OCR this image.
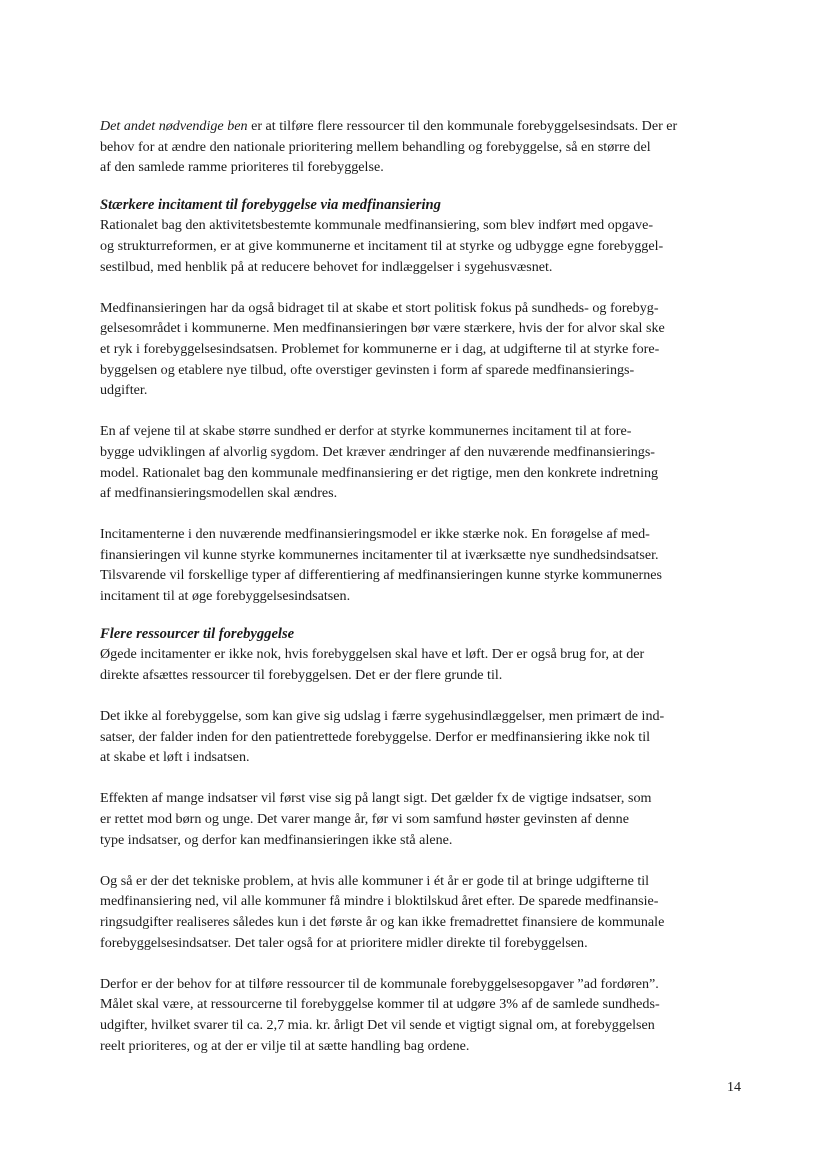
Det andet nødvendige ben er at tilføre flere ressourcer til den kommunale forebyggelsesindsats. Der er
behov for at ændre den nationale prioritering mellem behandling og forebyggelse, så en større del
af den samlede ramme prioriteres til forebyggelse.

Stærkere incitament til forebyggelse via medfinansiering

Rationalet bag den aktivitetsbestemte kommunale medfinansiering, som blev indført med opgave-
og strukturreformen, er at give kommunerne et incitament til at styrke og udbygge egne forebyggel-
sestilbud, med henblik på at reducere behovet for indlæggelser i sygehusvæsnet.

Medfinansieringen har da også bidraget til at skabe et stort politisk fokus på sundheds- og forebyg-
gelsesområdet i kommunerne. Men medfinansieringen bør være stærkere, hvis der for alvor skal ske
et ryk i forebyggelsesindsatsen. Problemet for kommunerne er i dag, at udgifterne til at styrke fore-
byggelsen og etablere nye tilbud, ofte overstiger gevinsten i form af sparede medfinansierings-
udgifter.

En af vejene til at skabe større sundhed er derfor at styrke kommunernes incitament til at fore-
bygge udviklingen af alvorlig sygdom. Det kræver ændringer af den nuværende medfinansierings-
model. Rationalet bag den kommunale medfinansiering er det rigtige, men den konkrete indretning
af medfinansieringsmodellen skal ændres.

Incitamenterne i den nuværende medfinansieringsmodel er ikke stærke nok. En forøgelse af med-
finansieringen vil kunne styrke kommunernes incitamenter til at iværksætte nye sundhedsindsatser.
Tilsvarende vil forskellige typer af differentiering af medfinansieringen kunne styrke kommunernes
incitament til at øge forebyggelsesindsatsen.

Flere ressourcer til forebyggelse

Øgede incitamenter er ikke nok, hvis forebyggelsen skal have et løft. Der er også brug for, at der
direkte afsættes ressourcer til forebyggelsen. Det er der flere grunde til.

Det ikke al forebyggelse, som kan give sig udslag i færre sygehusindlæggelser, men primært de ind-
satser, der falder inden for den patientrettede forebyggelse. Derfor er medfinansiering ikke nok til
at skabe et løft i indsatsen.

Effekten af mange indsatser vil først vise sig på langt sigt. Det gælder fx de vigtige indsatser, som
er rettet mod børn og unge. Det varer mange år, før vi som samfund høster gevinsten af denne
type indsatser, og derfor kan medfinansieringen ikke stå alene.

Og så er der det tekniske problem, at hvis alle kommuner i ét år er gode til at bringe udgifterne til
medfinansiering ned, vil alle kommuner få mindre i bloktilskud året efter. De sparede medfinansie-
ringsudgifter realiseres således kun i det første år og kan ikke fremadrettet finansiere de kommunale
forebyggelsesindsatser. Det taler også for at prioritere midler direkte til forebyggelsen.

Derfor er der behov for at tilføre ressourcer til de kommunale forebyggelsesopgaver ”ad fordøren”.
Målet skal være, at ressourcerne til forebyggelse kommer til at udgøre 3% af de samlede sundheds-
udgifter, hvilket svarer til ca. 2,7 mia. kr. årligt Det vil sende et vigtigt signal om, at forebyggelsen
reelt prioriteres, og at der er vilje til at sætte handling bag ordene.

14
